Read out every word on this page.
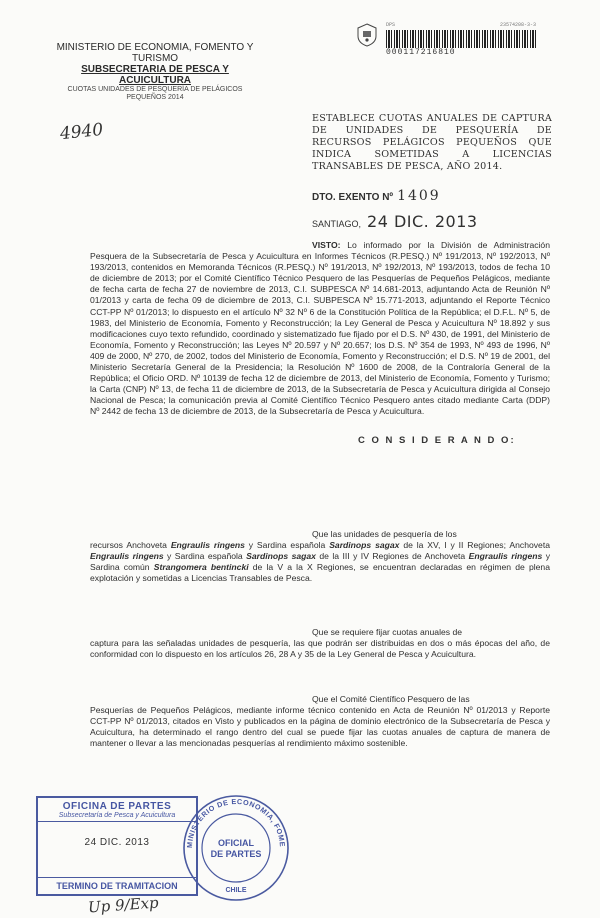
MINISTERIO DE ECONOMIA, FOMENTO Y
TURISMO
SUBSECRETARIA DE PESCA Y
ACUICULTURA
CUOTAS UNIDADES DE PESQUERÍA DE PELÁGICOS
PEQUEÑOS 2014
DPS	23574208-3-3
000117216810
4940
ESTABLECE CUOTAS ANUALES DE CAPTURA DE UNIDADES DE PESQUERÍA DE RECURSOS PELÁGICOS PEQUEÑOS QUE INDICA SOMETIDAS A LICENCIAS TRANSABLES DE PESCA, AÑO 2014.
DTO. EXENTO Nº 1409
SANTIAGO, 24 DIC. 2013
VISTO: Lo informado por la División de Administración Pesquera de la Subsecretaría de Pesca y Acuicultura en Informes Técnicos (R.PESQ.) Nº 191/2013, Nº 192/2013, Nº 193/2013, contenidos en Memoranda Técnicos (R.PESQ.) Nº 191/2013, Nº 192/2013, Nº 193/2013, todos de fecha 10 de diciembre de 2013; por el Comité Científico Técnico Pesquero de las Pesquerías de Pequeños Pelágicos, mediante de fecha carta de fecha 27 de noviembre de 2013, C.I. SUBPESCA Nº 14.681-2013, adjuntando Acta de Reunión Nº 01/2013 y carta de fecha 09 de diciembre de 2013, C.I. SUBPESCA Nº 15.771-2013, adjuntando el Reporte Técnico CCT-PP Nº 01/2013; lo dispuesto en el artículo Nº 32 Nº 6 de la Constitución Política de la República; el D.F.L. Nº 5, de 1983, del Ministerio de Economía, Fomento y Reconstrucción; la Ley General de Pesca y Acuicultura Nº 18.892 y sus modificaciones cuyo texto refundido, coordinado y sistematizado fue fijado por el D.S. Nº 430, de 1991, del Ministerio de Economía, Fomento y Reconstrucción; las Leyes Nº 20.597 y Nº 20.657; los D.S. Nº 354 de 1993, Nº 493 de 1996, Nº 409 de 2000, Nº 270, de 2002, todos del Ministerio de Economía, Fomento y Reconstrucción; el D.S. Nº 19 de 2001, del Ministerio Secretaría General de la Presidencia; la Resolución Nº 1600 de 2008, de la Contraloría General de la República; el Oficio ORD. Nº 10139 de fecha 12 de diciembre de 2013, del Ministerio de Economía, Fomento y Turismo; la Carta (CNP) Nº 13, de fecha 11 de diciembre de 2013, de la Subsecretaría de Pesca y Acuicultura dirigida al Consejo Nacional de Pesca; la comunicación previa al Comité Científico Técnico Pesquero antes citado mediante Carta (DDP) Nº 2442 de fecha 13 de diciembre de 2013, de la Subsecretaría de Pesca y Acuicultura.
C O N S I D E R A N D O:
Que las unidades de pesquería de los
recursos Anchoveta Engraulis ringens y Sardina española Sardinops sagax de la XV, I y II Regiones; Anchoveta Engraulis ringens y Sardina española Sardinops sagax de la III y IV Regiones de Anchoveta Engraulis ringens y Sardina común Strangomera bentincki de la V a la X Regiones, se encuentran declaradas en régimen de plena explotación y sometidas a Licencias Transables de Pesca.
Que se requiere fijar cuotas anuales de
captura para las señaladas unidades de pesquería, las que podrán ser distribuidas en dos o más épocas del año, de conformidad con lo dispuesto en los artículos 26, 28 A y 35 de la Ley General de Pesca y Acuicultura.
Que el Comité Científico Pesquero de las
Pesquerías de Pequeños Pelágicos, mediante informe técnico contenido en Acta de Reunión Nº 01/2013 y Reporte CCT-PP Nº 01/2013, citados en Visto y publicados en la página de dominio electrónico de la Subsecretaría de Pesca y Acuicultura, ha determinado el rango dentro del cual se puede fijar las cuotas anuales de captura de manera de mantener o llevar a las mencionadas pesquerías al rendimiento máximo sostenible.
OFICINA DE PARTES
Subsecretaría de Pesca y Acuicultura
24 DIC. 2013
TERMINO DE TRAMITACION
MINISTERIO DE ECONOMIA, FOME
OFICIAL
DE PARTES
CHILE
Up 9/Exp
